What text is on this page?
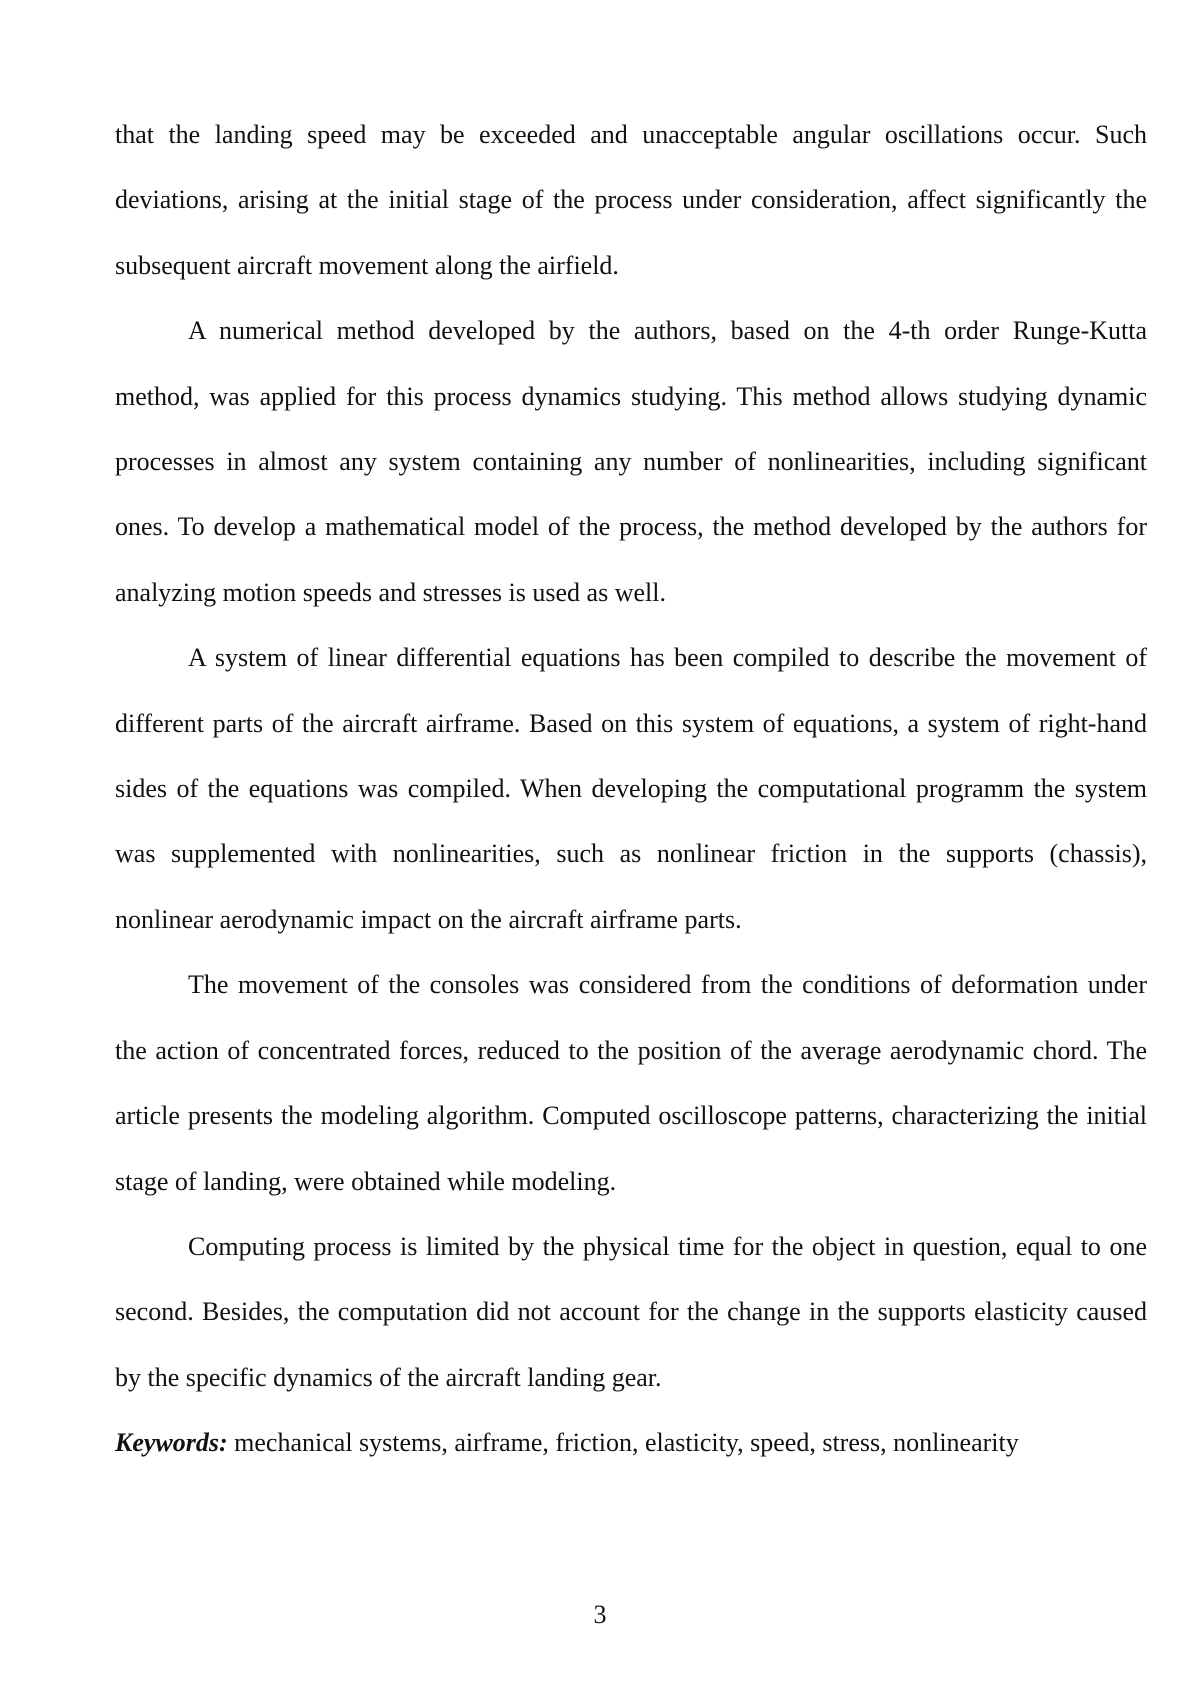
that the landing speed may be exceeded and unacceptable angular oscillations occur. Such deviations, arising at the initial stage of the process under consideration, affect significantly the subsequent aircraft movement along the airfield.

A numerical method developed by the authors, based on the 4-th order Runge-Kutta method, was applied for this process dynamics studying. This method allows studying dynamic processes in almost any system containing any number of nonlinearities, including significant ones. To develop a mathematical model of the process, the method developed by the authors for analyzing motion speeds and stresses is used as well.

A system of linear differential equations has been compiled to describe the movement of different parts of the aircraft airframe. Based on this system of equations, a system of right-hand sides of the equations was compiled. When developing the computational programm the system was supplemented with nonlinearities, such as nonlinear friction in the supports (chassis), nonlinear aerodynamic impact on the aircraft airframe parts.

The movement of the consoles was considered from the conditions of deformation under the action of concentrated forces, reduced to the position of the average aerodynamic chord. The article presents the modeling algorithm. Computed oscilloscope patterns, characterizing the initial stage of landing, were obtained while modeling.

Computing process is limited by the physical time for the object in question, equal to one second. Besides, the computation did not account for the change in the supports elasticity caused by the specific dynamics of the aircraft landing gear.

Keywords: mechanical systems, airframe, friction, elasticity, speed, stress, nonlinearity

3
